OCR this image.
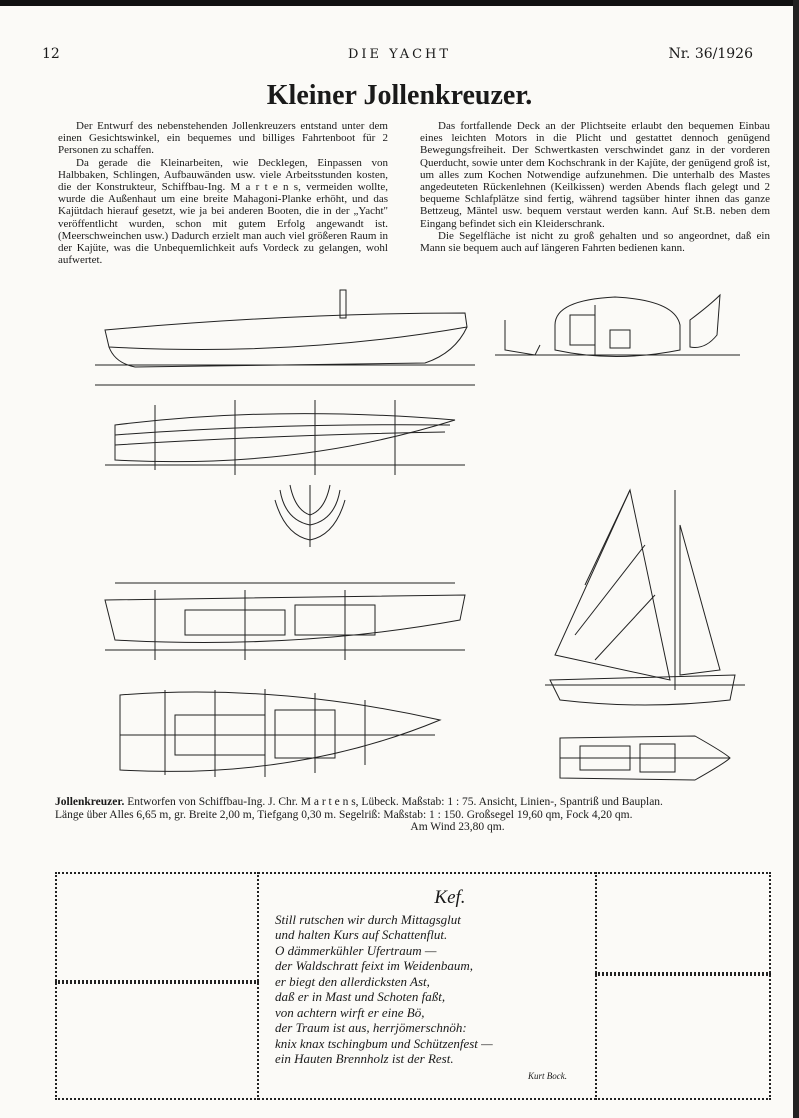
12	DIE YACHT	Nr. 36/1926
Kleiner Jollenkreuzer.

Der Entwurf des nebenstehenden Jollenkreuzers entstand unter dem einen Gesichtswinkel, ein bequemes und billiges Fahrtenboot für 2 Personen zu schaffen.

Da gerade die Kleinarbeiten, wie Decklegen, Einpassen von Halbbaken, Schlingen, Aufbauwänden usw. viele Arbeitsstunden kosten, die der Konstrukteur, Schiffbau-Ing. M a r t e n s, vermeiden wollte, wurde die Außenhaut um eine breite Mahagoni-Planke erhöht, und das Kajütdach hierauf gesetzt, wie ja bei anderen Booten, die in der „Yacht" veröffentlicht wurden, schon mit gutem Erfolg angewandt ist. (Meerschweinchen usw.) Dadurch erzielt man auch viel größeren Raum in der Kajüte, was die Unbequemlichkeit aufs Vordeck zu gelangen, wohl aufwertet.

Das fortfallende Deck an der Plichtseite erlaubt den bequemen Einbau eines leichten Motors in die Plicht und gestattet dennoch genügend Bewegungsfreiheit. Der Schwertkasten verschwindet ganz in der vorderen Querducht, sowie unter dem Kochschrank in der Kajüte, der genügend groß ist, um alles zum Kochen Notwendige aufzunehmen. Die unterhalb des Mastes angedeuteten Rückenlehnen (Keilkissen) werden Abends flach gelegt und 2 bequeme Schlafplätze sind fertig, während tagsüber hinter ihnen das ganze Bettzeug, Mäntel usw. bequem verstaut werden kann. Auf St.B. neben dem Eingang befindet sich ein Kleiderschrank.

Die Segelfläche ist nicht zu groß gehalten und so angeordnet, daß ein Mann sie bequem auch auf längeren Fahrten bedienen kann.

Jollenkreuzer. Entworfen von Schiffbau-Ing. J. Chr. M a r t e n s, Lübeck. Maßstab: 1 : 75. Ansicht, Linien-, Spantriß und Bauplan.
Länge über Alles 6,65 m, gr. Breite 2,00 m, Tiefgang 0,30 m. Segelriß: Maßstab: 1 : 150. Großsegel 19,60 qm, Fock 4,20 qm.
Am Wind 23,80 qm.
Kef.
Still rutschen wir durch Mittagsglut
und halten Kurs auf Schattenflut.
O dämmerkühler Ufertraum —
der Waldschratt feixt im Weidenbaum,
er biegt den allerdicksten Ast,
daß er in Mast und Schoten faßt,
von achtern wirft er eine Bö,
der Traum ist aus, herrjömerschnöh:
knix knax tschingbum und Schützenfest —
ein Hauten Brennholz ist der Rest.
Kurt Bock.
